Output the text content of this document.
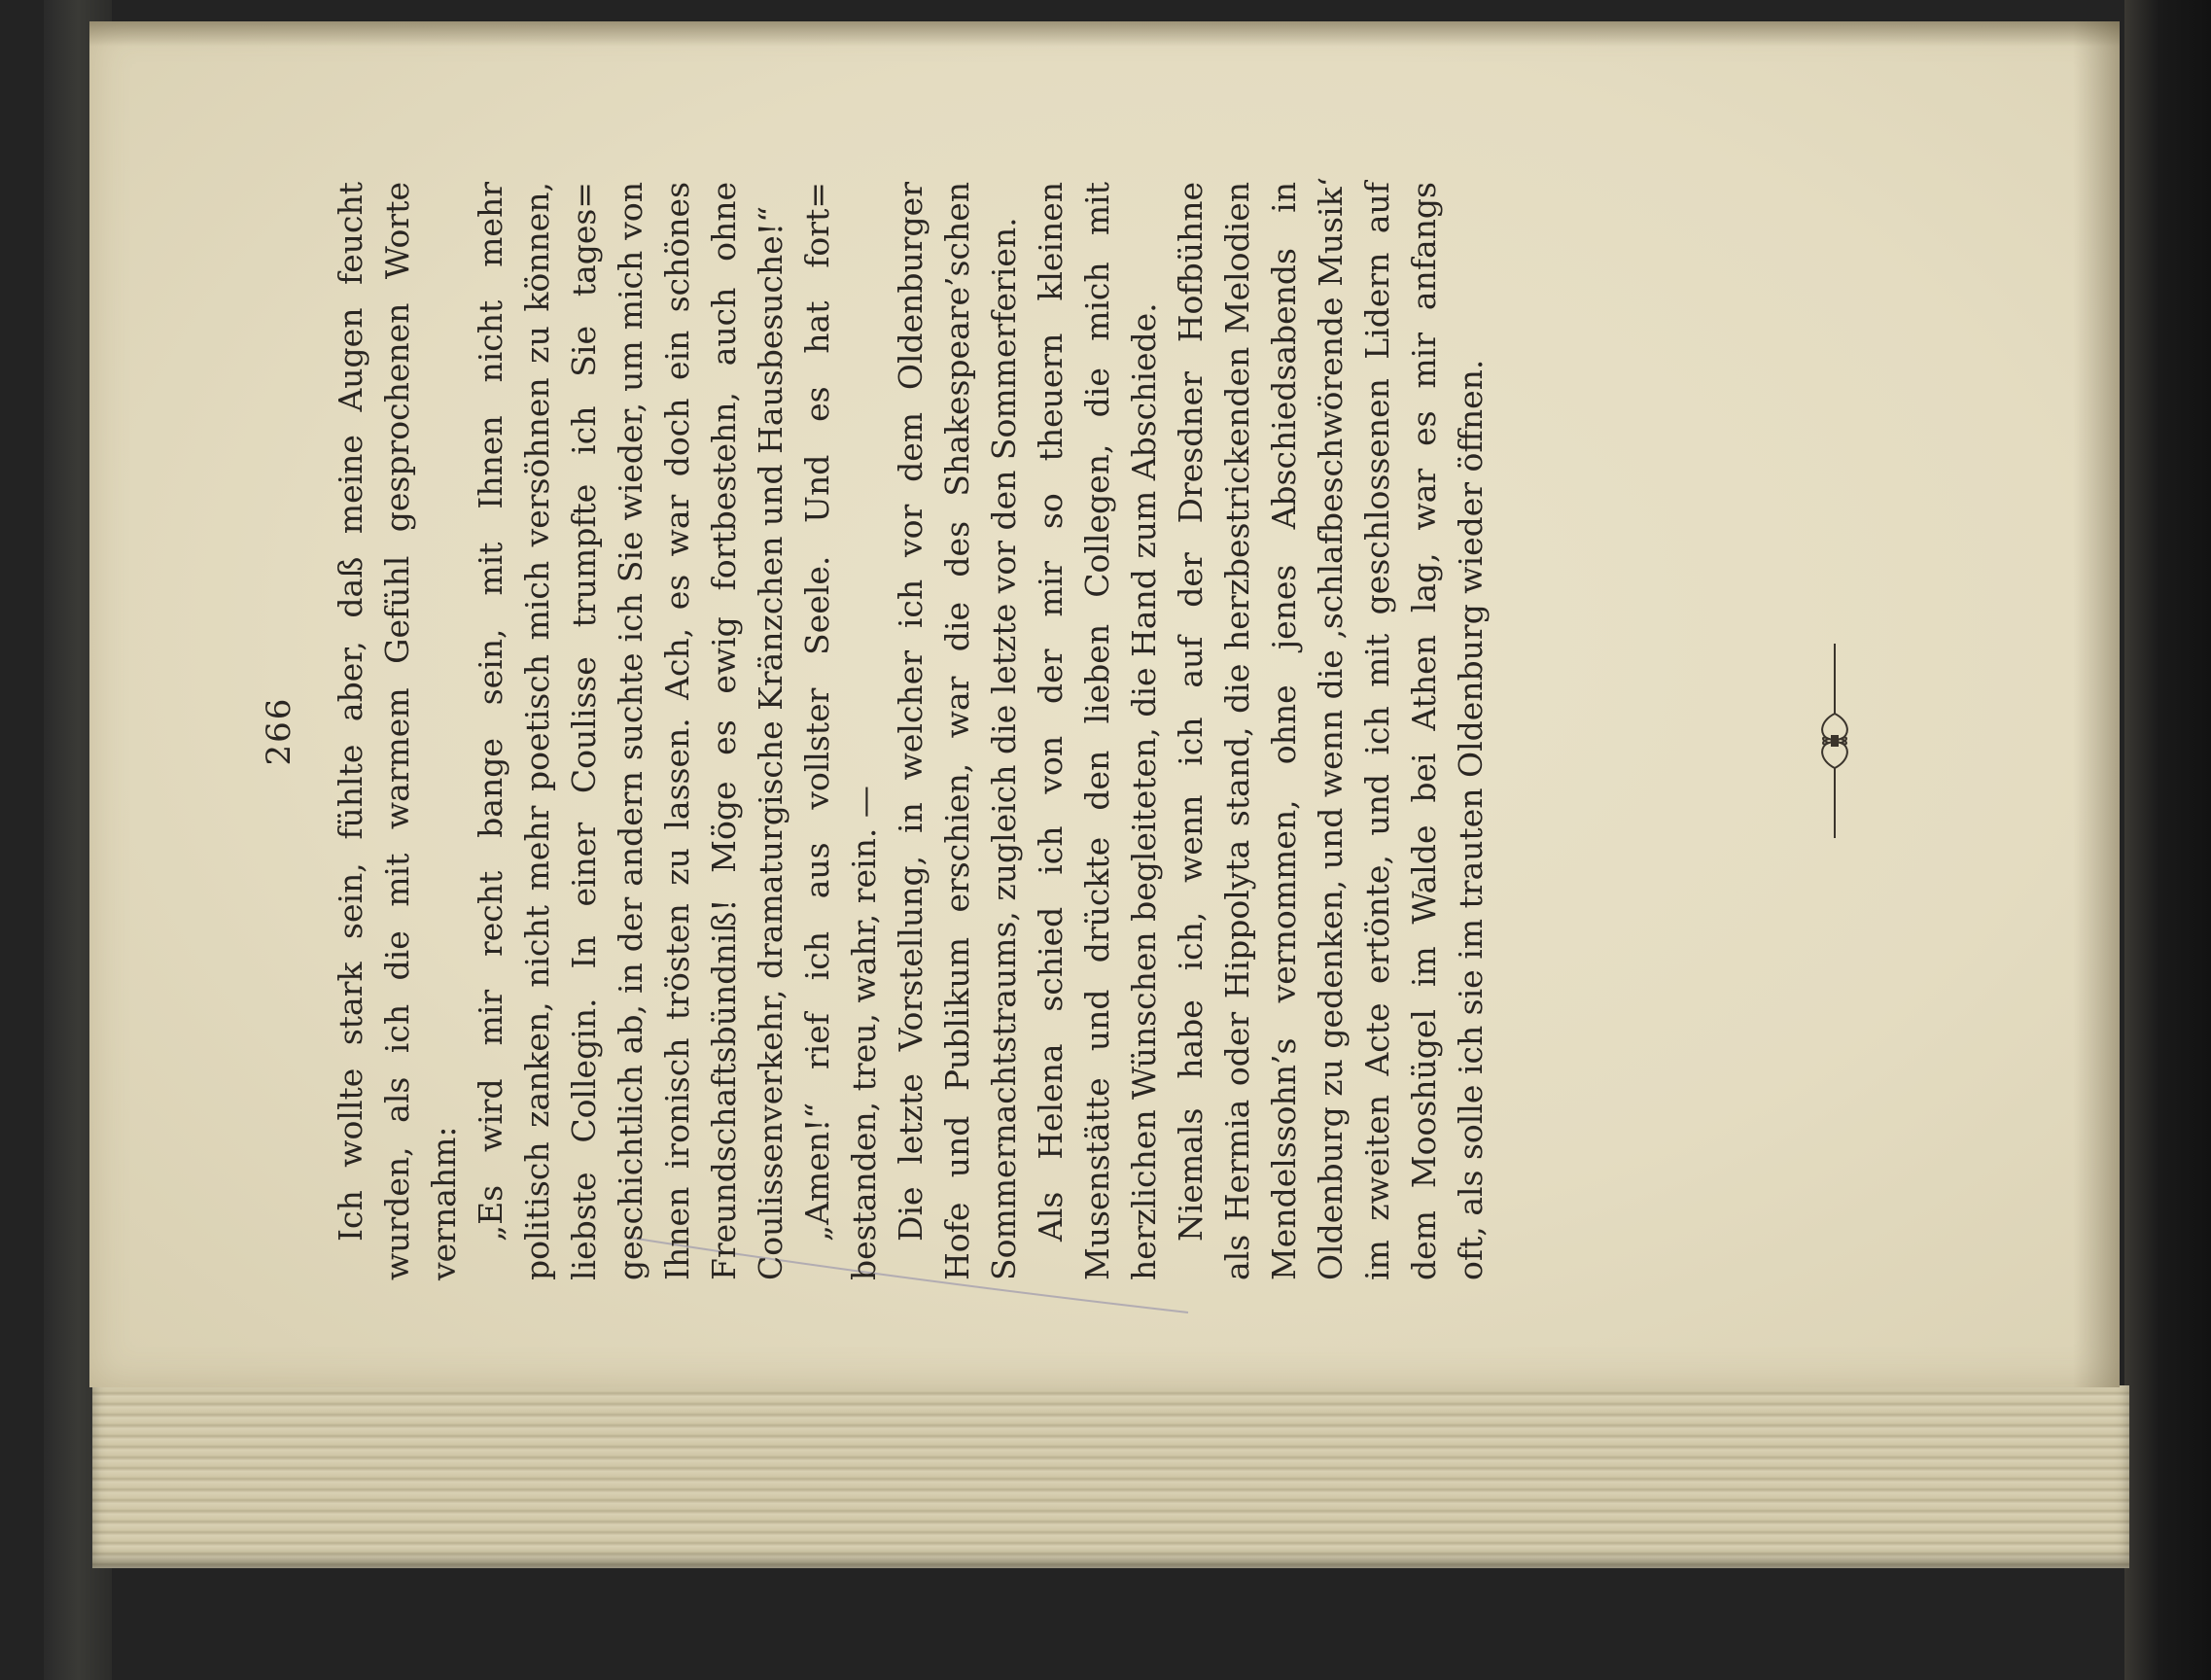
266 Ich wollte stark sein, fühlte aber, daß meine Augen feucht wurden, als ich die mit warmem Gefühl gesprochenen Worte vernahm: „Es wird mir recht bange sein, mit Ihnen nicht mehr politisch zanken, nicht mehr poetisch mich versöhnen zu können, liebste Collegin. In einer Coulisse trumpfte ich Sie tages= geschichtlich ab, in der andern suchte ich Sie wieder, um mich von Ihnen ironisch trösten zu lassen. Ach, es war doch ein schönes Freundschaftsbündniß! Möge es ewig fortbestehn, auch ohne Coulissenverkehr, dramaturgische Kränzchen und Hausbesuche!“ „Amen!“ rief ich aus vollster Seele. Und es hat fort= bestanden, treu, wahr, rein. — Die letzte Vorstellung, in welcher ich vor dem Oldenburger Hofe und Publikum erschien, war die des Shakespeare’schen Sommernachtstraums, zugleich die letzte vor den Sommerferien. Als Helena schied ich von der mir so theuern kleinen Musenstätte und drückte den lieben Collegen, die mich mit herzlichen Wünschen begleiteten, die Hand zum Abschiede. Niemals habe ich, wenn ich auf der Dresdner Hofbühne als Hermia oder Hippolyta stand, die herzbestrickenden Melodien Mendelssohn’s vernommen, ohne jenes Abschiedsabends in Oldenburg zu gedenken, und wenn die ‚schlafbeschwörende Musik‘ im zweiten Acte ertönte, und ich mit geschlossenen Lidern auf dem Mooshügel im Walde bei Athen lag, war es mir anfangs oft, als solle ich sie im trauten Oldenburg wieder öffnen.
